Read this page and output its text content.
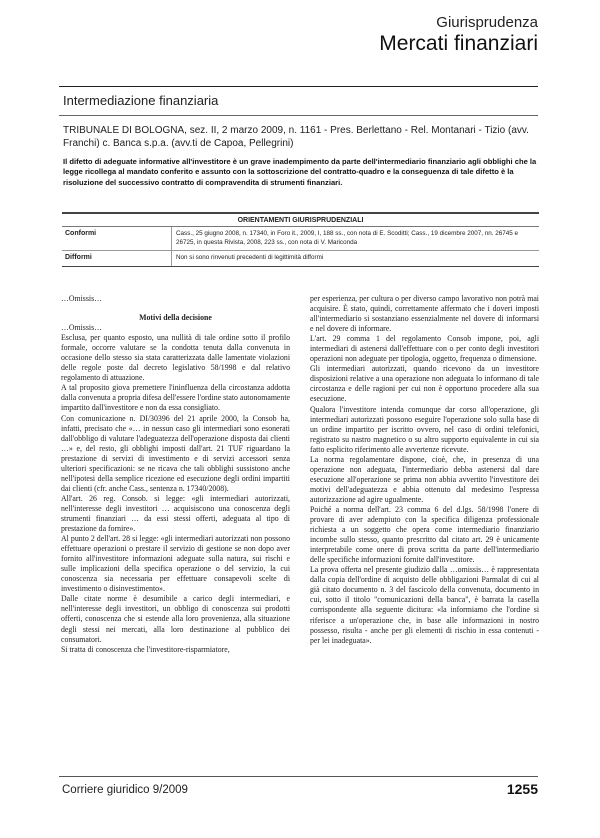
Giurisprudenza
Mercati finanziari
Intermediazione finanziaria
TRIBUNALE DI BOLOGNA, sez. II, 2 marzo 2009, n. 1161 - Pres. Berlettano - Rel. Montanari - Tizio (avv. Franchi) c. Banca s.p.a. (avv.ti de Capoa, Pellegrini)
Il difetto di adeguate informative all'investitore è un grave inadempimento da parte dell'intermediario finanziario agli obblighi che la legge ricollega al mandato conferito e assunto con la sottoscrizione del contratto-quadro e la conseguenza di tale difetto è la risoluzione del successivo contratto di compravendita di strumenti finanziari.
ORIENTAMENTI GIURISPRUDENZIALI
Conformi	Cass., 25 giugno 2008, n. 17340, in Foro it., 2009, I, 188 ss., con nota di E. Scoditti; Cass., 19 dicembre 2007, nn. 26745 e 26725, in questa Rivista, 2008, 223 ss., con nota di V. Mariconda
Difformi	Non si sono rinvenuti precedenti di legittimità difformi

…Omissis…

Motivi della decisione

…Omissis…

Esclusa, per quanto esposto, una nullità di tale ordine sotto il profilo formale, occorre valutare se la condotta tenuta dalla convenuta in occasione dello stesso sia stata caratterizzata dalle lamentate violazioni delle regole poste dal decreto legislativo 58/1998 e dal relativo regolamento di attuazione.

A tal proposito giova premettere l'ininfluenza della circostanza addotta dalla convenuta a propria difesa dell'essere l'ordine stato autonomamente impartito dall'investitore e non da essa consigliato.

Con comunicazione n. DI/30396 del 21 aprile 2000, la Consob ha, infatti, precisato che «… in nessun caso gli intermediari sono esonerati dall'obbligo di valutare l'adeguatezza dell'operazione disposta dai clienti …» e, del resto, gli obblighi imposti dall'art. 21 TUF riguardano la prestazione di servizi di investimento e di servizi accessori senza ulteriori specificazioni: se ne ricava che tali obblighi sussistono anche nell'ipotesi della semplice ricezione ed esecuzione degli ordini impartiti dai clienti (cfr. anche Cass., sentenza n. 17340/2008).

All'art. 26 reg. Consob. si legge: «gli intermediari autorizzati, nell'interesse degli investitori … acquisiscono una conoscenza degli strumenti finanziari … da essi stessi offerti, adeguata al tipo di prestazione da fornire».

Al punto 2 dell'art. 28 si legge: «gli intermediari autorizzati non possono effettuare operazioni o prestare il servizio di gestione se non dopo aver fornito all'investitore informazioni adeguate sulla natura, sui rischi e sulle implicazioni della specifica operazione o del servizio, la cui conoscenza sia necessaria per effettuare consapevoli scelte di investimento o disinvestimento».

Dalle citate norme è desumibile a carico degli intermediari, e nell'interesse degli investitori, un obbligo di conoscenza sui prodotti offerti, conoscenza che si estende alla loro provenienza, alla situazione degli stessi nei mercati, alla loro destinazione al pubblico dei consumatori.

Si tratta di conoscenza che l'investitore-risparmiatore,

per esperienza, per cultura o per diverso campo lavorativo non potrà mai acquisire. È stato, quindi, correttamente affermato che i doveri imposti all'intermediario si sostanziano essenzialmente nel dovere di informarsi e nel dovere di informare.

L'art. 29 comma 1 del regolamento Consob impone, poi, agli intermediari di astenersi dall'effettuare con o per conto degli investitori operazioni non adeguate per tipologia, oggetto, frequenza o dimensione.

Gli intermediari autorizzati, quando ricevono da un investitore disposizioni relative a una operazione non adeguata lo informano di tale circostanza e delle ragioni per cui non è opportuno procedere alla sua esecuzione.

Qualora l'investitore intenda comunque dar corso all'operazione, gli intermediari autorizzati possono eseguire l'operazione solo sulla base di un ordine impartito per iscritto ovvero, nel caso di ordini telefonici, registrato su nastro magnetico o su altro supporto equivalente in cui sia fatto esplicito riferimento alle avvertenze ricevute.

La norma regolamentare dispone, cioè, che, in presenza di una operazione non adeguata, l'intermediario debba astenersi dal dare esecuzione all'operazione se prima non abbia avvertito l'investitore dei motivi dell'adeguatezza e abbia ottenuto dal medesimo l'espressa autorizzazione ad agire ugualmente.

Poiché a norma dell'art. 23 comma 6 del d.lgs. 58/1998 l'onere di provare di aver adempiuto con la specifica diligenza professionale richiesta a un soggetto che opera come intermediario finanziario incombe sullo stesso, quanto prescritto dal citato art. 29 è unicamente interpretabile come onere di prova scritta da parte dell'intermediario delle specifiche informazioni fornite dall'investitore.

La prova offerta nel presente giudizio dalla …omissis… è rappresentata dalla copia dell'ordine di acquisto delle obbligazioni Parmalat di cui al già citato documento n. 3 del fascicolo della convenuta, documento in cui, sotto il titolo "comunicazioni della banca", è barrata la casella corrispondente alla seguente dicitura: «la informiamo che l'ordine si riferisce a un'operazione che, in base alle informazioni in nostro possesso, risulta - anche per gli elementi di rischio in essa contenuti - per lei inadeguata».

Corriere giuridico 9/2009	1255
